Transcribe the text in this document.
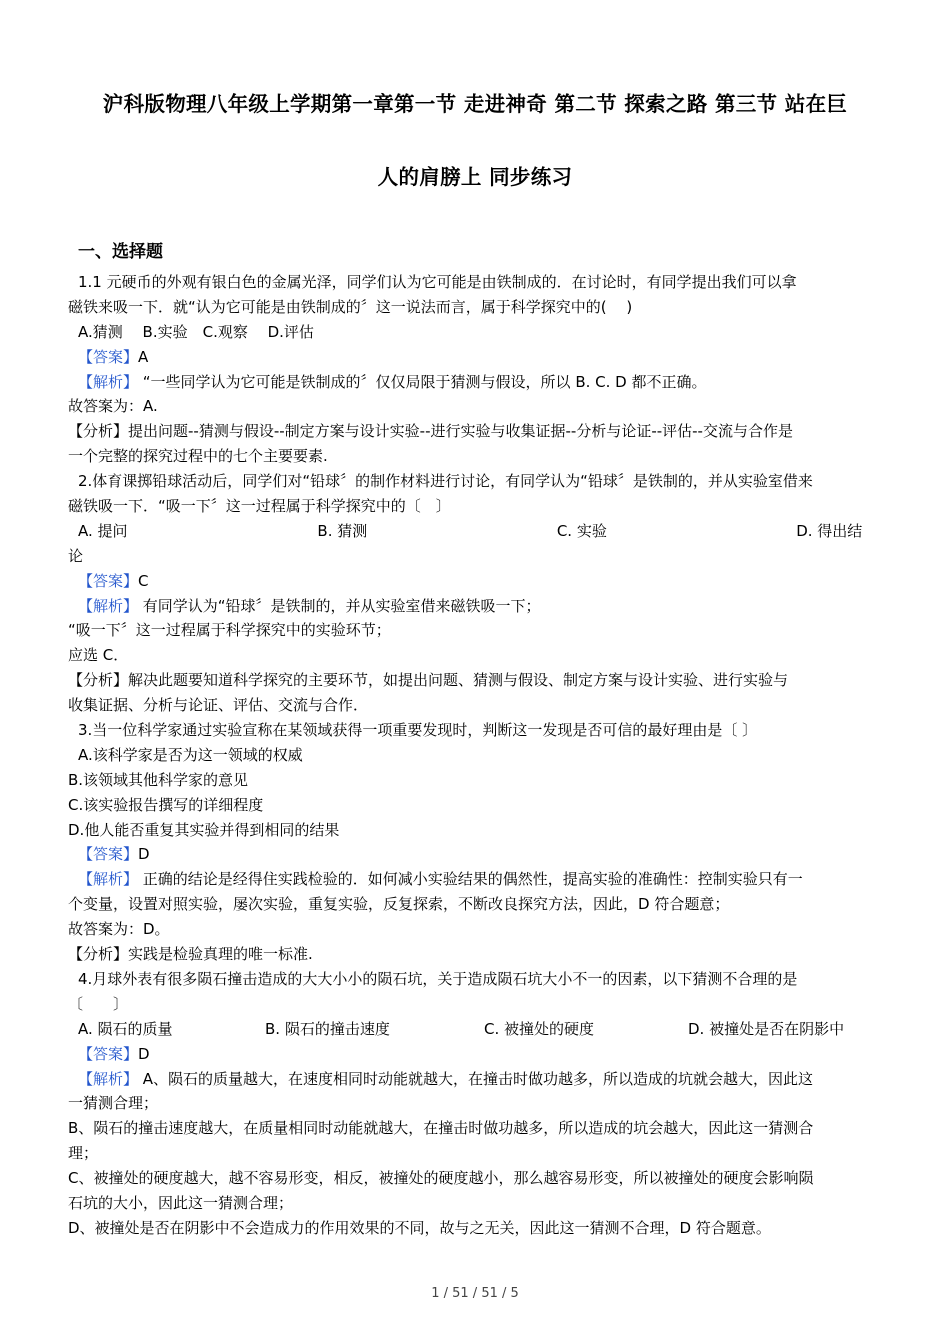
沪科版物理八年级上学期第一章第一节 走进神奇 第二节 探索之路 第三节 站在巨
人的肩膀上 同步练习
一、选择题
1.1 元硬币的外观有银白色的金属光泽，同学们认为它可能是由铁制成的．在讨论时，有同学提出我们可以拿
磁铁来吸一下．就“认为它可能是由铁制成的〞这一说法而言，属于科学探究中的(　 )
A.猜测　 B.实验　C.观察　 D.评估
【答案】A
【解析】 “一些同学认为它可能是铁制成的〞仅仅局限于猜测与假设，所以 B. C. D 都不正确。
故答案为：A.
【分析】提出问题--猜测与假设--制定方案与设计实验--进行实验与收集证据--分析与论证--评估--交流与合作是
一个完整的探究过程中的七个主要要素.
2.体育课掷铅球活动后，同学们对“铅球〞的制作材料进行讨论，有同学认为“铅球〞是铁制的，并从实验室借来
磁铁吸一下．“吸一下〞这一过程属于科学探究中的〔　〕
A. 提问	B. 猜测	C. 实验	D. 得出结
论
【答案】C
【解析】 有同学认为“铅球〞是铁制的，并从实验室借来磁铁吸一下；
“吸一下〞这一过程属于科学探究中的实验环节；
应选 C．
【分析】解决此题要知道科学探究的主要环节，如提出问题、猜测与假设、制定方案与设计实验、进行实验与
收集证据、分析与论证、评估、交流与合作．
3.当一位科学家通过实验宣称在某领域获得一项重要发现时，判断这一发现是否可信的最好理由是〔 〕
A.该科学家是否为这一领域的权威
B.该领域其他科学家的意见
C.该实验报告撰写的详细程度
D.他人能否重复其实验并得到相同的结果
【答案】D
【解析】 正确的结论是经得住实践检验的．如何减小实验结果的偶然性，提高实验的准确性：控制实验只有一
个变量，设置对照实验，屡次实验，重复实验，反复探索，不断改良探究方法，因此，D 符合题意；
故答案为：D。
【分析】实践是检验真理的唯一标准.
4.月球外表有很多陨石撞击造成的大大小小的陨石坑，关于造成陨石坑大小不一的因素，以下猜测不合理的是
〔　　〕
A. 陨石的质量	B. 陨石的撞击速度	C. 被撞处的硬度	D. 被撞处是否在阴影中
【答案】D
【解析】 A、陨石的质量越大，在速度相同时动能就越大，在撞击时做功越多，所以造成的坑就会越大，因此这
一猜测合理；
B、陨石的撞击速度越大，在质量相同时动能就越大，在撞击时做功越多，所以造成的坑会越大，因此这一猜测合
理；
C、被撞处的硬度越大，越不容易形变，相反，被撞处的硬度越小，那么越容易形变，所以被撞处的硬度会影响陨
石坑的大小，因此这一猜测合理；
D、被撞处是否在阴影中不会造成力的作用效果的不同，故与之无关，因此这一猜测不合理，D 符合题意。
1 / 51 / 51 / 5
